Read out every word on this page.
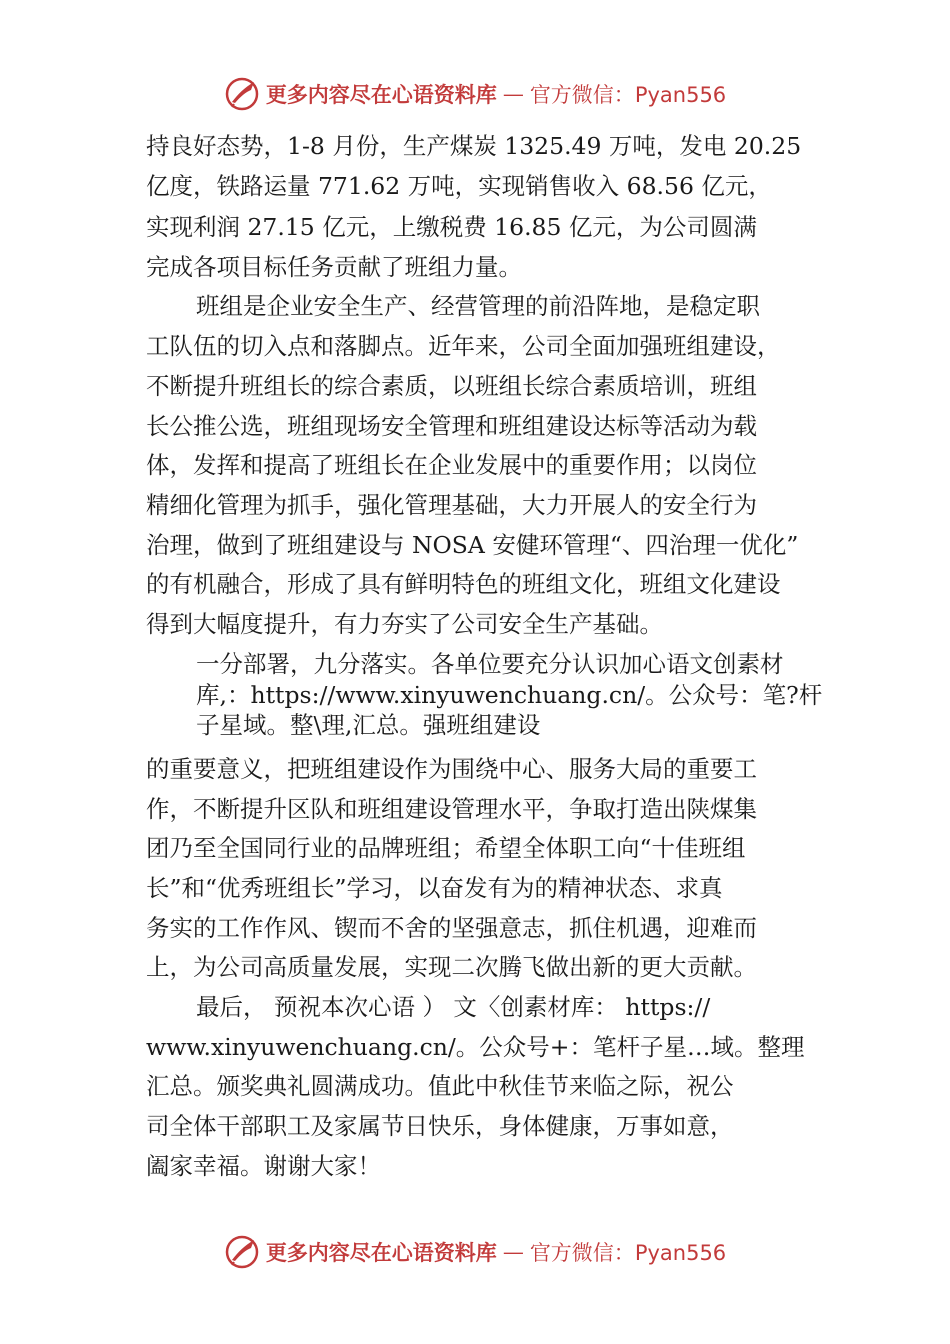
更多内容尽在心语资料库 — 官方微信：Pyan556
持良好态势，1-8 月份，生产煤炭 1325.49 万吨，发电 20.25
亿度，铁路运量 771.62 万吨，实现销售收入 68.56 亿元，
实现利润 27.15 亿元，上缴税费 16.85 亿元，为公司圆满
完成各项目标任务贡献了班组力量。
班组是企业安全生产、经营管理的前沿阵地，是稳定职
工队伍的切入点和落脚点。近年来，公司全面加强班组建设，
不断提升班组长的综合素质，以班组长综合素质培训，班组
长公推公选，班组现场安全管理和班组建设达标等活动为载
体，发挥和提高了班组长在企业发展中的重要作用；以岗位
精细化管理为抓手，强化管理基础，大力开展人的安全行为
治理，做到了班组建设与 NOSA 安健环管理“、四治理一优化”
的有机融合，形成了具有鲜明特色的班组文化，班组文化建设
得到大幅度提升，有力夯实了公司安全生产基础。
一分部署，九分落实。各单位要充分认识加心语文创素材
库,：https://www.xinyuwenchuang.cn/。公众号：笔?杆
子星域。整\理,汇总。强班组建设
的重要意义，把班组建设作为围绕中心、服务大局的重要工
作，不断提升区队和班组建设管理水平，争取打造出陕煤集
团乃至全国同行业的品牌班组；希望全体职工向“十佳班组
长”和“优秀班组长”学习，以奋发有为的精神状态、求真
务实的工作作风、锲而不舍的坚强意志，抓住机遇，迎难而
上，为公司高质量发展，实现二次腾飞做出新的更大贡献。
最后， 预祝本次心语 ） 文〈创素材库： https://
www.xinyuwenchuang.cn/。公众号+：笔杆子星…域。整理
汇总。颁奖典礼圆满成功。值此中秋佳节来临之际，祝公
司全体干部职工及家属节日快乐，身体健康，万事如意，
阖家幸福。谢谢大家！
更多内容尽在心语资料库 — 官方微信：Pyan556
